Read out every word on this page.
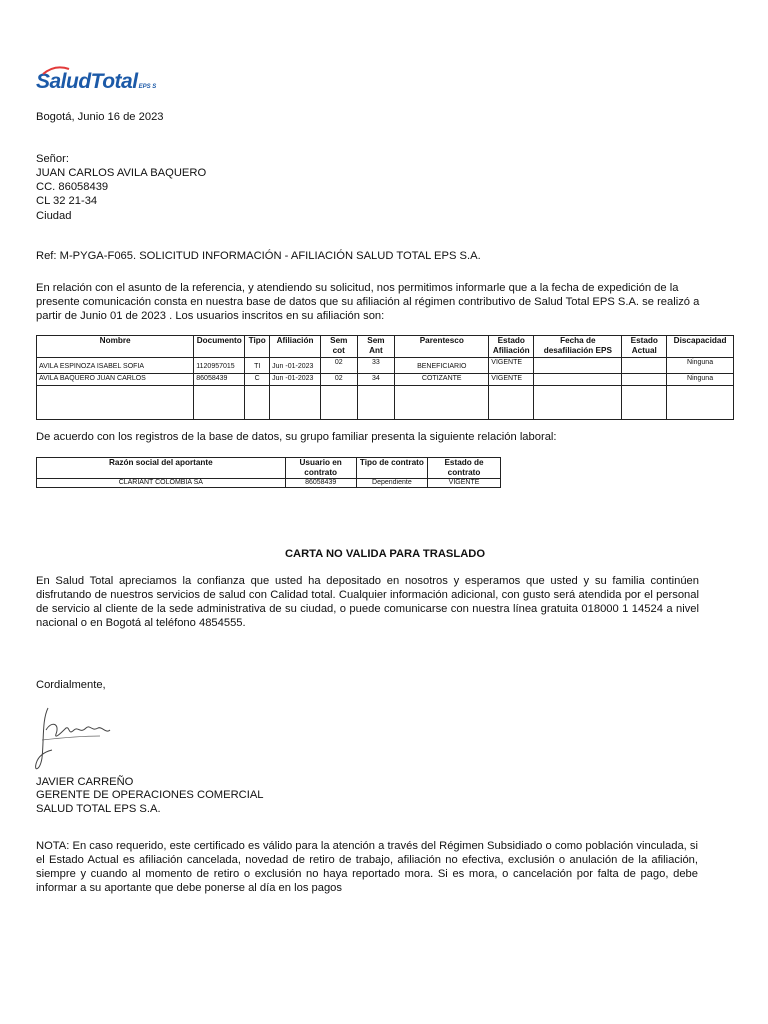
SaludTotalEPS S
Bogotá, Junio 16 de 2023
Señor:
JUAN CARLOS AVILA BAQUERO
CC. 86058439
CL 32 21-34
Ciudad
Ref: M-PYGA-F065. SOLICITUD INFORMACIÓN - AFILIACIÓN SALUD TOTAL EPS S.A.
En relación con el asunto de la referencia, y atendiendo su solicitud, nos permitimos informarle que a la fecha de expedición de la presente comunicación consta en nuestra base de datos que su afiliación al régimen contributivo de Salud Total EPS S.A. se realizó a partir de Junio 01 de 2023 . Los usuarios inscritos en su afiliación son:
Nombre	Documento	Tipo	Afiliación	Sem cot	Sem Ant	Parentesco	Estado Afiliación	Fecha de desafiliación EPS	Estado Actual	Discapacidad
AVILA ESPINOZA ISABEL SOFIA	1120957015	TI	Jun -01-2023	02	33	BENEFICIARIO	VIGENTE			Ninguna
AVILA BAQUERO JUAN CARLOS	86058439	C	Jun -01-2023	02	34	COTIZANTE	VIGENTE			Ninguna

De acuerdo con los registros de la base de datos, su grupo familiar presenta la siguiente relación laboral:
Razón social del aportante	Usuario en contrato	Tipo de contrato	Estado de contrato
CLARIANT COLOMBIA SA	86058439	Dependiente	VIGENTE
CARTA NO VALIDA PARA TRASLADO
En Salud Total apreciamos la confianza que usted ha depositado en nosotros y esperamos que usted y su familia continúen disfrutando de nuestros servicios de salud con Calidad total. Cualquier información adicional, con gusto será atendida por el personal de servicio al cliente de la sede administrativa de su ciudad, o puede comunicarse con nuestra línea gratuita 018000 1 14524 a nivel nacional o en Bogotá al teléfono 4854555.
Cordialmente,
JAVIER CARREÑO
GERENTE DE OPERACIONES COMERCIAL
SALUD TOTAL EPS S.A.
NOTA: En caso requerido, este certificado es válido para la atención a través del Régimen Subsidiado o como población vinculada, si el Estado Actual es afiliación cancelada, novedad de retiro de trabajo, afiliación no efectiva, exclusión o anulación de la afiliación, siempre y cuando al momento de retiro o exclusión no haya reportado mora. Si es mora, o cancelación por falta de pago, debe informar a su aportante que debe ponerse al día en los pagos
